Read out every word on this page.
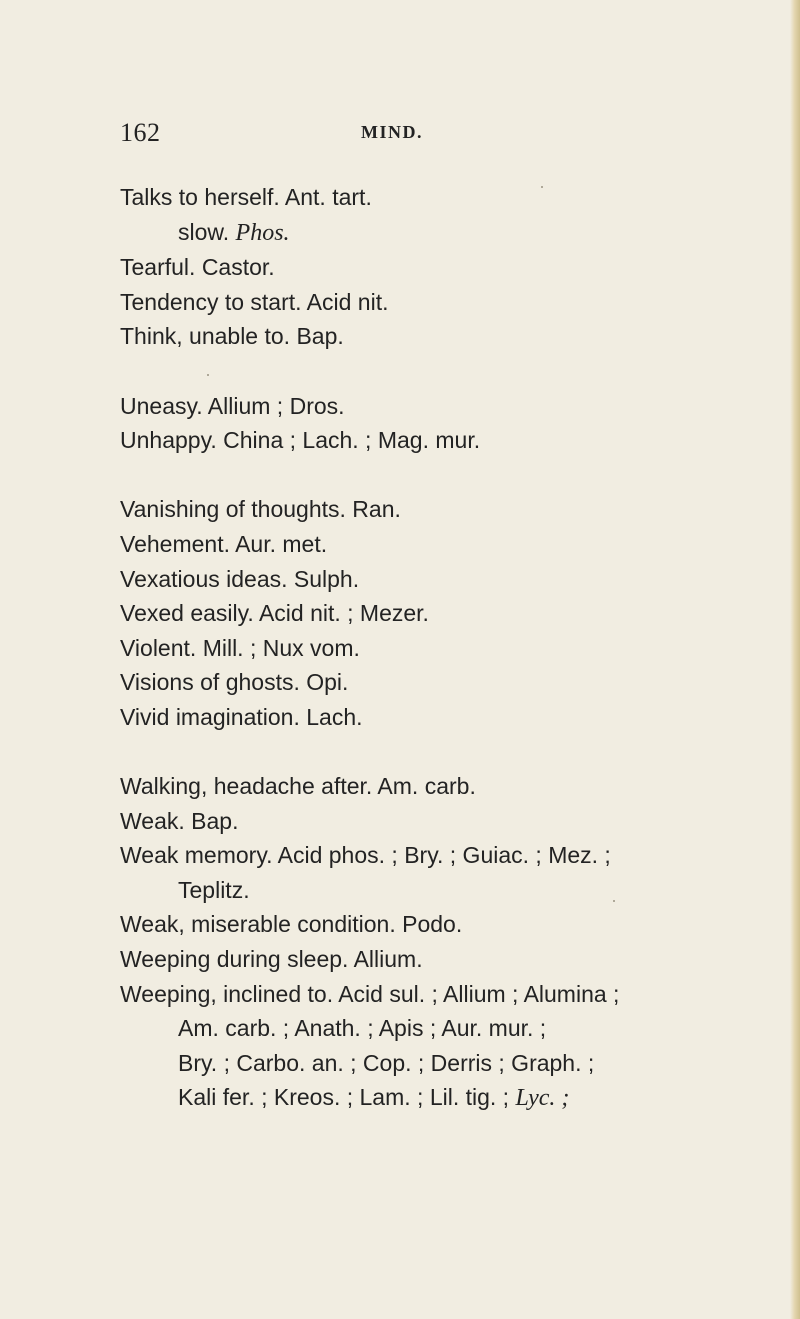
162	MIND.
Talks to herself. Ant. tart.
slow. Phos.
Tearful. Castor.
Tendency to start. Acid nit.
Think, unable to. Bap.
Uneasy. Allium ; Dros.
Unhappy. China ; Lach. ; Mag. mur.
Vanishing of thoughts. Ran.
Vehement. Aur. met.
Vexatious ideas. Sulph.
Vexed easily. Acid nit. ; Mezer.
Violent. Mill. ; Nux vom.
Visions of ghosts. Opi.
Vivid imagination. Lach.
Walking, headache after. Am. carb.
Weak. Bap.
Weak memory. Acid phos. ; Bry. ; Guiac. ; Mez. ;
Teplitz.
Weak, miserable condition. Podo.
Weeping during sleep. Allium.
Weeping, inclined to. Acid sul. ; Allium ; Alumina ;
Am. carb. ; Anath. ; Apis ; Aur. mur. ;
Bry. ; Carbo. an. ; Cop. ; Derris ; Graph. ;
Kali fer. ; Kreos. ; Lam. ; Lil. tig. ; Lyc. ;
